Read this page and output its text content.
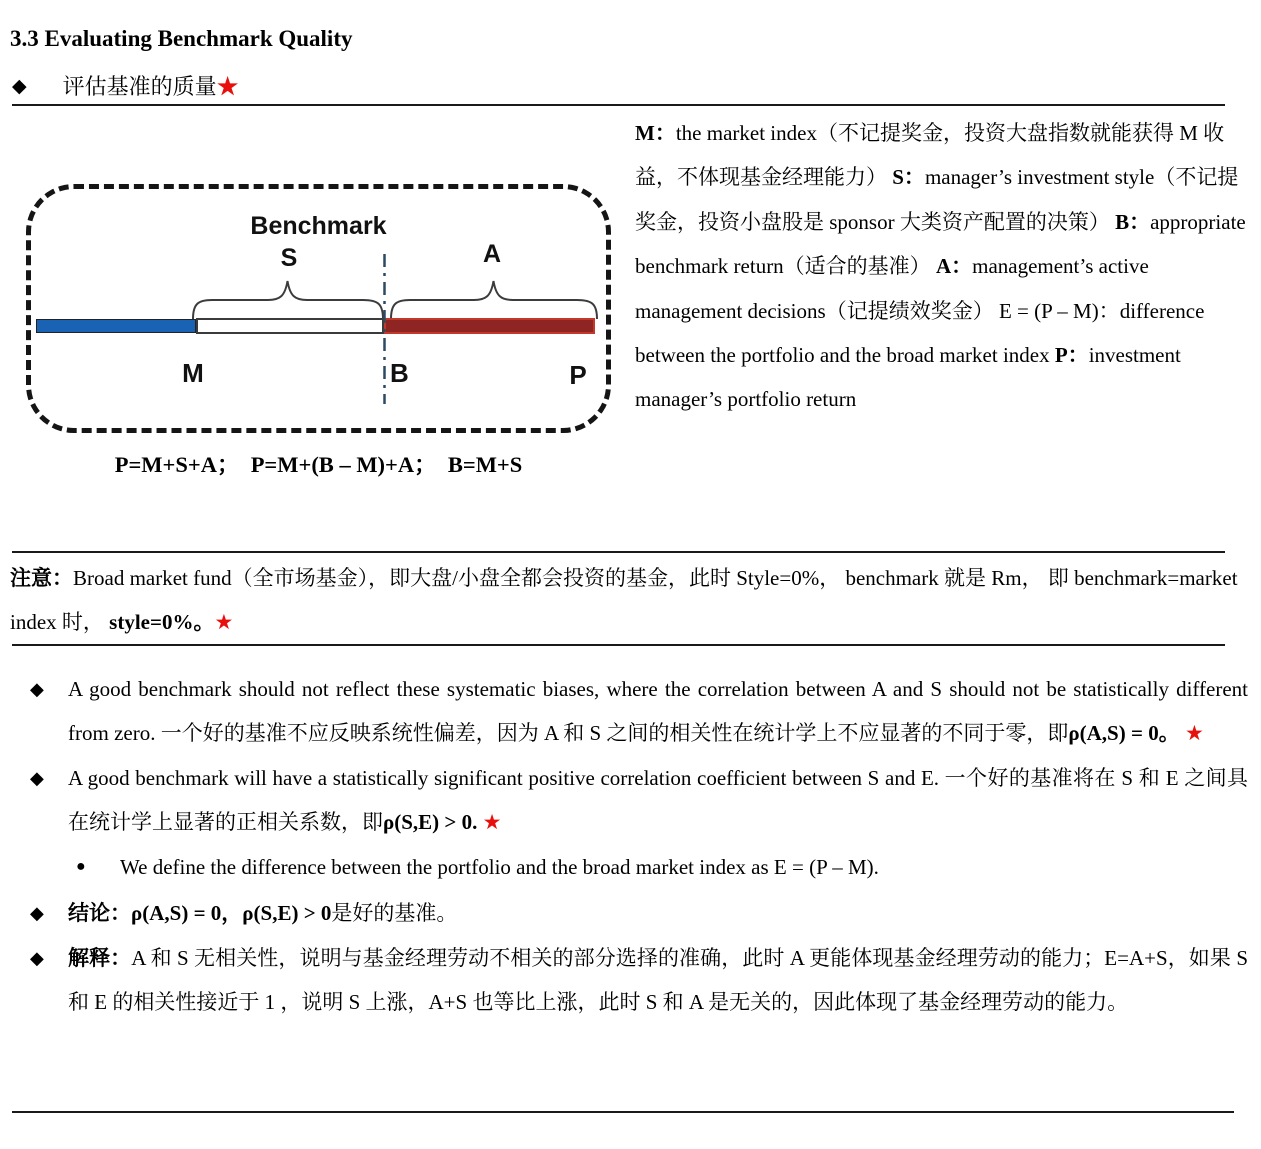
3.3 Evaluating Benchmark Quality
◆ 评估基准的质量★
Benchmark
S	A
M	B	P
P=M+S+A；  P=M+(B – M)+A；  B=M+S
M：the market index（不记提奖金，投资大盘指数就能获得 M 收益，不体现基金经理能力） S：manager’s investment style（不记提奖金，投资小盘股是 sponsor 大类资产配置的决策） B：appropriate benchmark return（适合的基准） A：management’s active management decisions（记提绩效奖金） E = (P – M)：difference between the portfolio and the broad market index P：investment manager’s portfolio return
注意：Broad market fund（全市场基金），即大盘/小盘全都会投资的基金，此时 Style=0%， benchmark 就是 Rm， 即 benchmark=market index 时， style=0%。★
◆ A good benchmark should not reflect these systematic biases, where the correlation between A and S should not be statistically different from zero. 一个好的基准不应反映系统性偏差，因为 A 和 S 之间的相关性在统计学上不应显著的不同于零，即ρ(A,S) = 0。 ★
◆ A good benchmark will have a statistically significant positive correlation coefficient between S and E. 一个好的基准将在 S 和 E 之间具在统计学上显著的正相关系数，即ρ(S,E) > 0. ★
● We define the difference between the portfolio and the broad market index as E = (P – M).
◆ 结论：ρ(A,S) = 0，ρ(S,E) > 0是好的基准。
◆ 解释：A 和 S 无相关性，说明与基金经理劳动不相关的部分选择的准确，此时 A 更能体现基金经理劳动的能力；E=A+S，如果 S 和 E 的相关性接近于 1 ，说明 S 上涨，A+S 也等比上涨，此时 S 和 A 是无关的，因此体现了基金经理劳动的能力。
